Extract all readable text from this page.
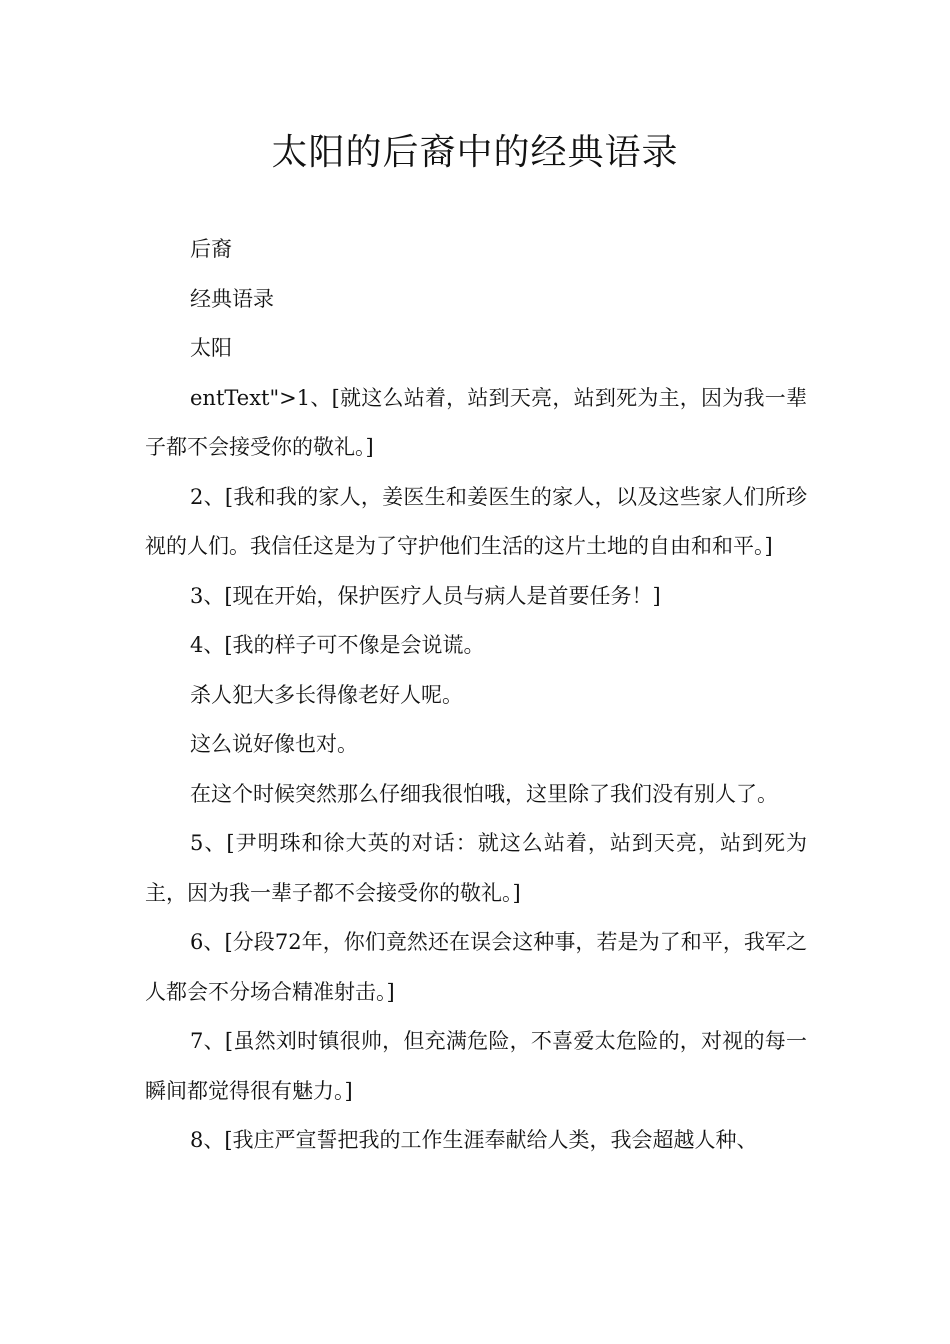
太阳的后裔中的经典语录

后裔

经典语录

太阳

entText">1、[就这么站着，站到天亮，站到死为主，因为我一辈子都不会接受你的敬礼。]

2、[我和我的家人，姜医生和姜医生的家人，以及这些家人们所珍视的人们。我信任这是为了守护他们生活的这片土地的自由和和平。]

3、[现在开始，保护医疗人员与病人是首要任务！]

4、[我的样子可不像是会说谎。

杀人犯大多长得像老好人呢。

这么说好像也对。

在这个时候突然那么仔细我很怕哦，这里除了我们没有别人了。

5、[尹明珠和徐大英的对话：就这么站着，站到天亮，站到死为主，因为我一辈子都不会接受你的敬礼。]

6、[分段72年，你们竟然还在误会这种事，若是为了和平，我军之人都会不分场合精准射击。]

7、[虽然刘时镇很帅，但充满危险，不喜爱太危险的，对视的每一瞬间都觉得很有魅力。]

8、[我庄严宣誓把我的工作生涯奉献给人类，我会超越人种、
